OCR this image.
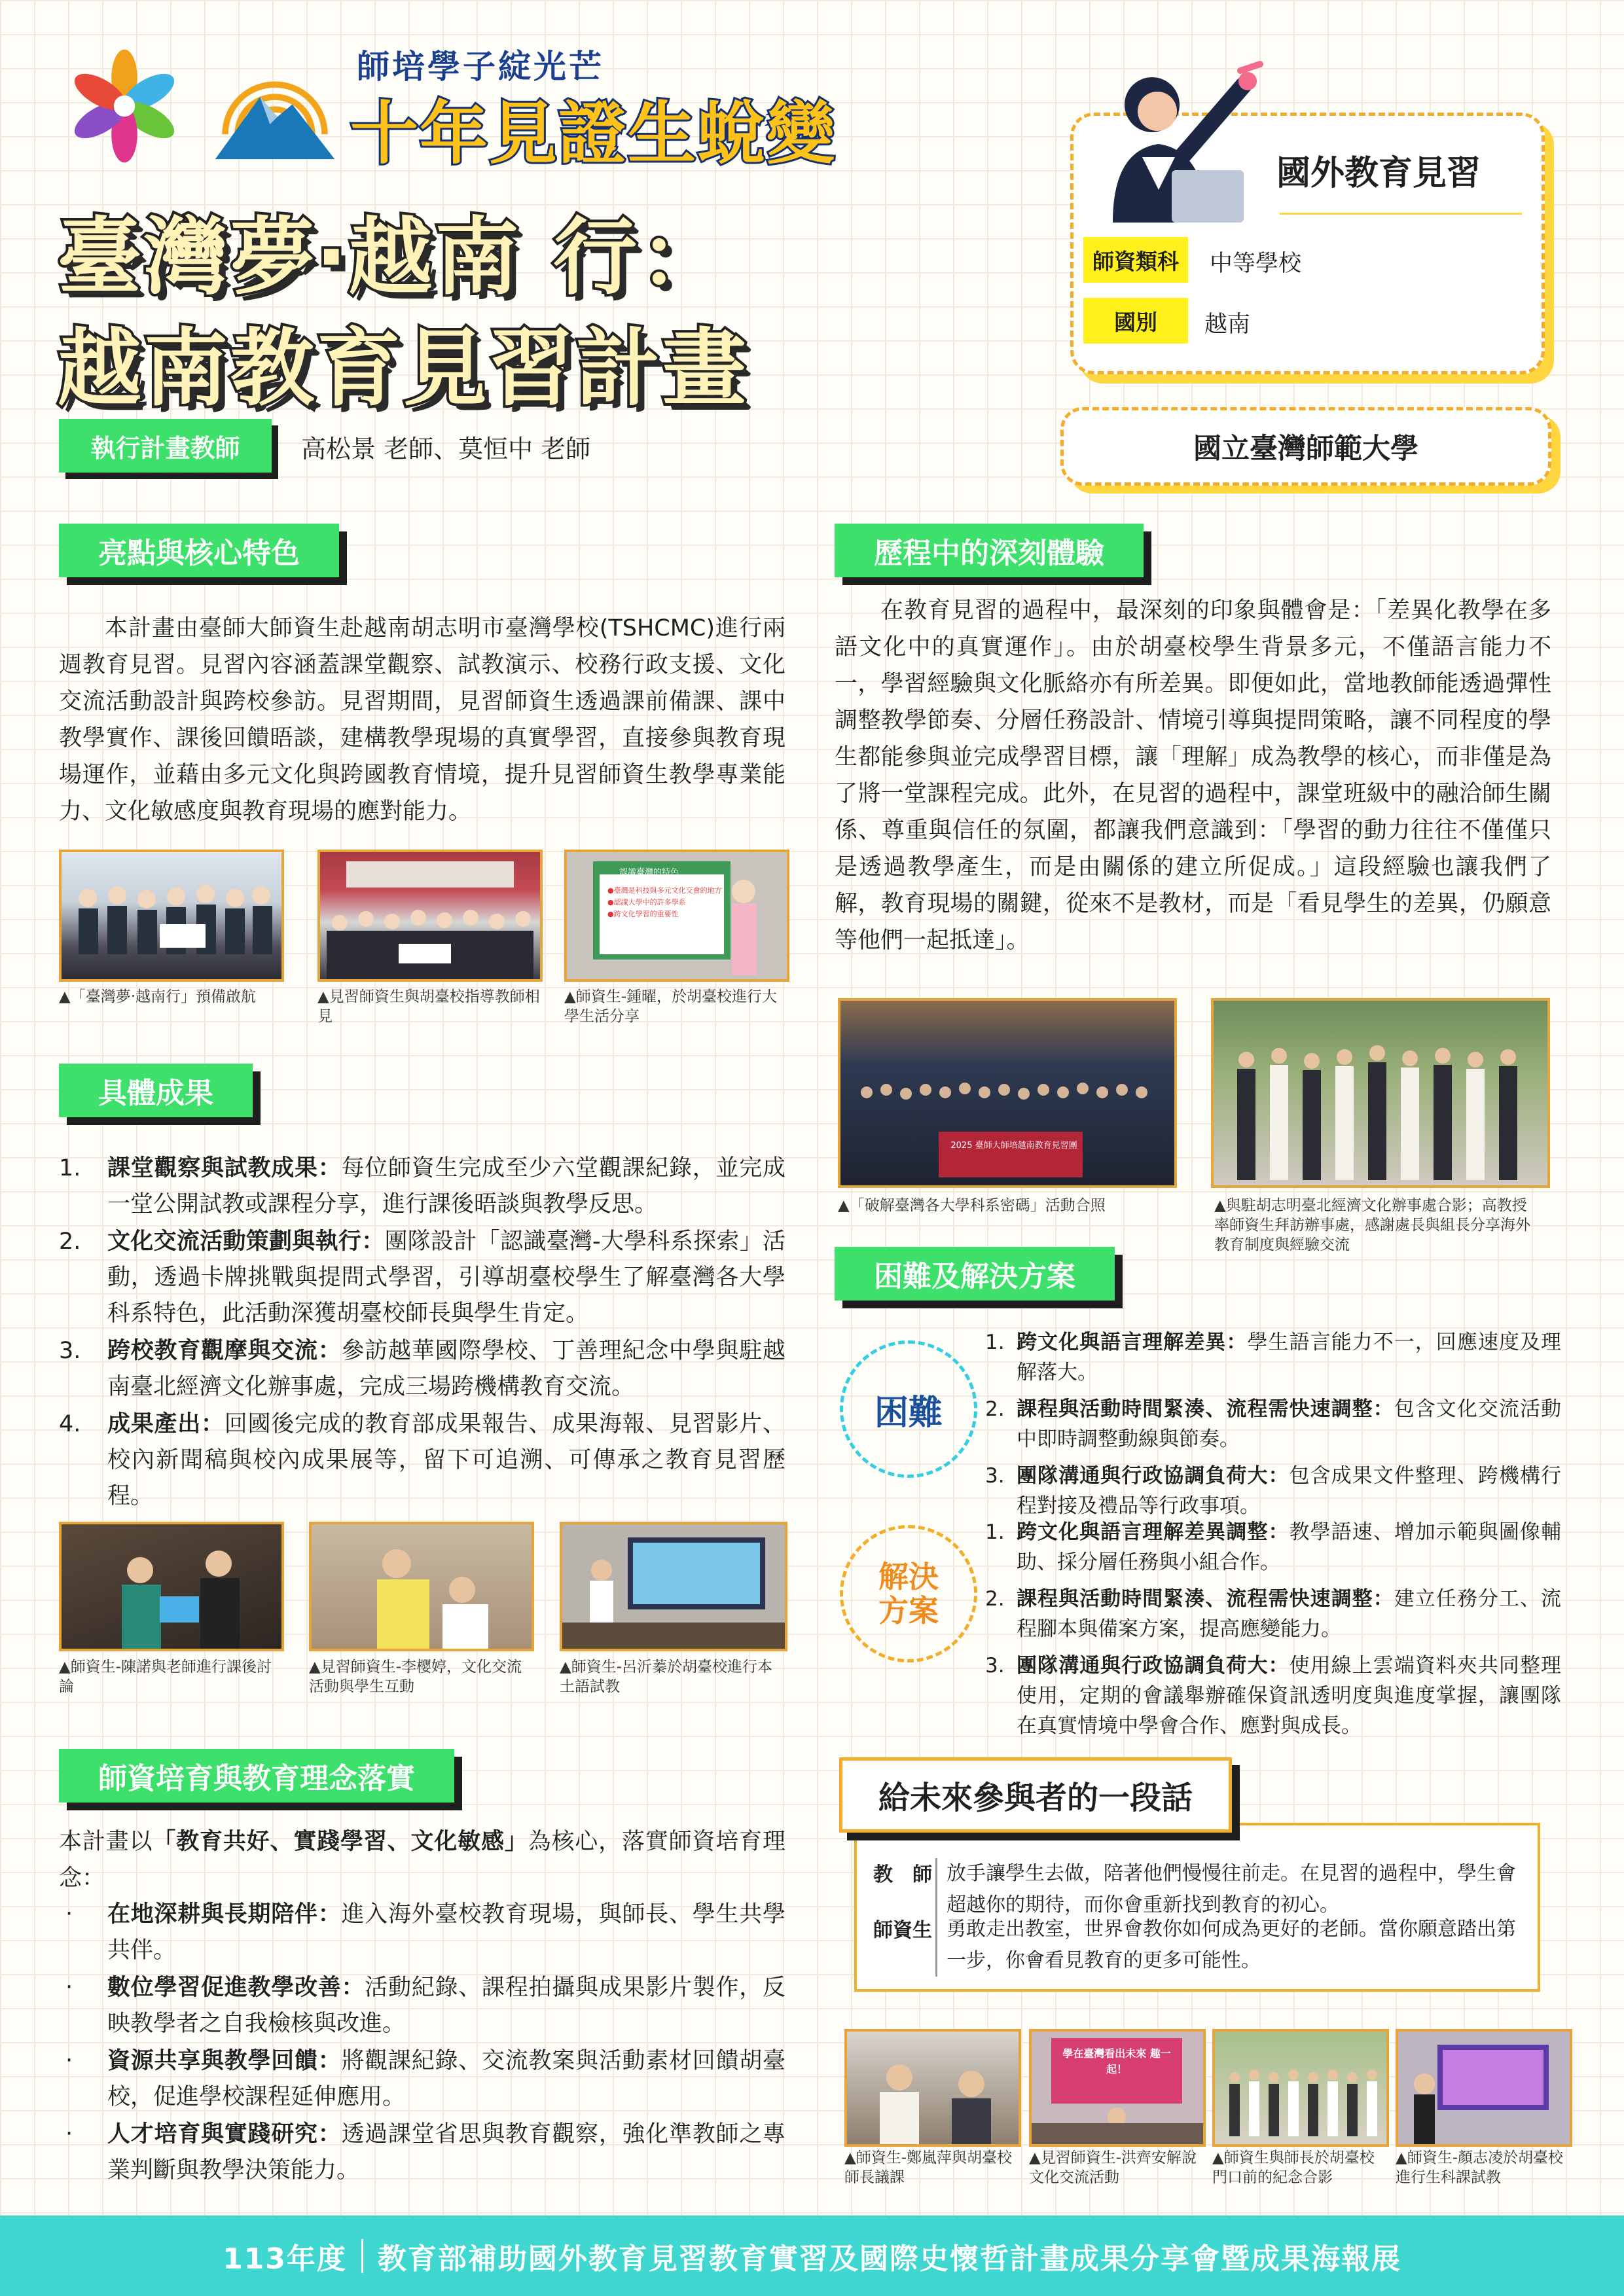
師培學子綻光芒
十年見證生蛻變
臺灣夢‧越南 行：
越南教育見習計畫
執行計畫教師	高松景 老師、莫恒中 老師
國外教育見習
師資類科	中等學校
國別	越南
國立臺灣師範大學
亮點與核心特色
本計畫由臺師大師資生赴越南胡志明市臺灣學校(TSHCMC)進行兩週教育見習。見習內容涵蓋課堂觀察、試教演示、校務行政支援、文化交流活動設計與跨校參訪。見習期間，見習師資生透過課前備課、課中教學實作、課後回饋晤談，建構教學現場的真實學習，直接參與教育現場運作，並藉由多元文化與跨國教育情境，提升見習師資生教學專業能力、文化敏感度與教育現場的應對能力。
▲「臺灣夢‧越南行」預備啟航	▲見習師資生與胡臺校指導教師相見
認識臺灣的特色
●臺灣是科技與多元文化交會的地方
●認識大學中的許多學系
●跨文化學習的重要性
▲師資生-鍾曜，於胡臺校進行大學生活分享
具體成果
1. 課堂觀察與試教成果：每位師資生完成至少六堂觀課紀錄，並完成一堂公開試教或課程分享，進行課後晤談與教學反思。
2. 文化交流活動策劃與執行：團隊設計「認識臺灣-大學科系探索」活動，透過卡牌挑戰與提問式學習，引導胡臺校學生了解臺灣各大學科系特色，此活動深獲胡臺校師長與學生肯定。
3. 跨校教育觀摩與交流：參訪越華國際學校、丁善理紀念中學與駐越南臺北經濟文化辦事處，完成三場跨機構教育交流。
4. 成果產出：回國後完成的教育部成果報告、成果海報、見習影片、校內新聞稿與校內成果展等，留下可追溯、可傳承之教育見習歷程。
▲師資生-陳諾與老師進行課後討論
▲見習師資生-李樱婷，文化交流活動與學生互動
▲師資生-呂沂蓁於胡臺校進行本土語試教
師資培育與教育理念落實
本計畫以「教育共好、實踐學習、文化敏感」為核心，落實師資培育理念：
‧ 在地深耕與長期陪伴：進入海外臺校教育現場，與師長、學生共學共伴。
‧ 數位學習促進教學改善：活動紀錄、課程拍攝與成果影片製作，反映教學者之自我檢核與改進。
‧ 資源共享與教學回饋：將觀課紀錄、交流教案與活動素材回饋胡臺校，促進學校課程延伸應用。
‧ 人才培育與實踐研究：透過課堂省思與教育觀察，強化準教師之專業判斷與教學決策能力。
歷程中的深刻體驗
在教育見習的過程中，最深刻的印象與體會是：「差異化教學在多語文化中的真實運作」。由於胡臺校學生背景多元，不僅語言能力不一，學習經驗與文化脈絡亦有所差異。即便如此，當地教師能透過彈性調整教學節奏、分層任務設計、情境引導與提問策略，讓不同程度的學生都能參與並完成學習目標，讓「理解」成為教學的核心，而非僅是為了將一堂課程完成。此外，在見習的過程中，課堂班級中的融洽師生關係、尊重與信任的氛圍，都讓我們意識到：「學習的動力往往不僅僅只是透過教學產生，而是由關係的建立所促成。」這段經驗也讓我們了解，教育現場的關鍵，從來不是教材，而是「看見學生的差異，仍願意等他們一起抵達」。
2025 臺師大師培越南教育見習團
▲「破解臺灣各大學科系密碼」活動合照	▲與駐胡志明臺北經濟文化辦事處合影；高教授率師資生拜訪辦事處，感謝處長與組長分享海外教育制度與經驗交流
困難及解決方案
困難
1. 跨文化與語言理解差異：學生語言能力不一，回應速度及理解落大。
2. 課程與活動時間緊湊、流程需快速調整：包含文化交流活動中即時調整動線與節奏。
3. 團隊溝通與行政協調負荷大：包含成果文件整理、跨機構行程對接及禮品等行政事項。
解決方案
1. 跨文化與語言理解差異調整：教學語速、增加示範與圖像輔助、採分層任務與小組合作。
2. 課程與活動時間緊湊、流程需快速調整：建立任務分工、流程腳本與備案方案，提高應變能力。
3. 團隊溝通與行政協調負荷大：使用線上雲端資料夾共同整理使用，定期的會議舉辦確保資訊透明度與進度掌握，讓團隊在真實情境中學會合作、應對與成長。
教　師 放手讓學生去做，陪著他們慢慢往前走。在見習的過程中，學生會超越你的期待，而你會重新找到教育的初心。
師資生 勇敢走出教室，世界會教你如何成為更好的老師。當你願意踏出第一步，你會看見教育的更多可能性。
給未來參與者的一段話
▲師資生-鄭嵐萍與胡臺校師長議課
學在臺灣看出未來 趣一起！
▲見習師資生-洪齊安解說文化交流活動
▲師資生與師長於胡臺校門口前的紀念合影
▲師資生-顏志凌於胡臺校進行生科課試教
113年度 教育部補助國外教育見習教育實習及國際史懷哲計畫成果分享會暨成果海報展
